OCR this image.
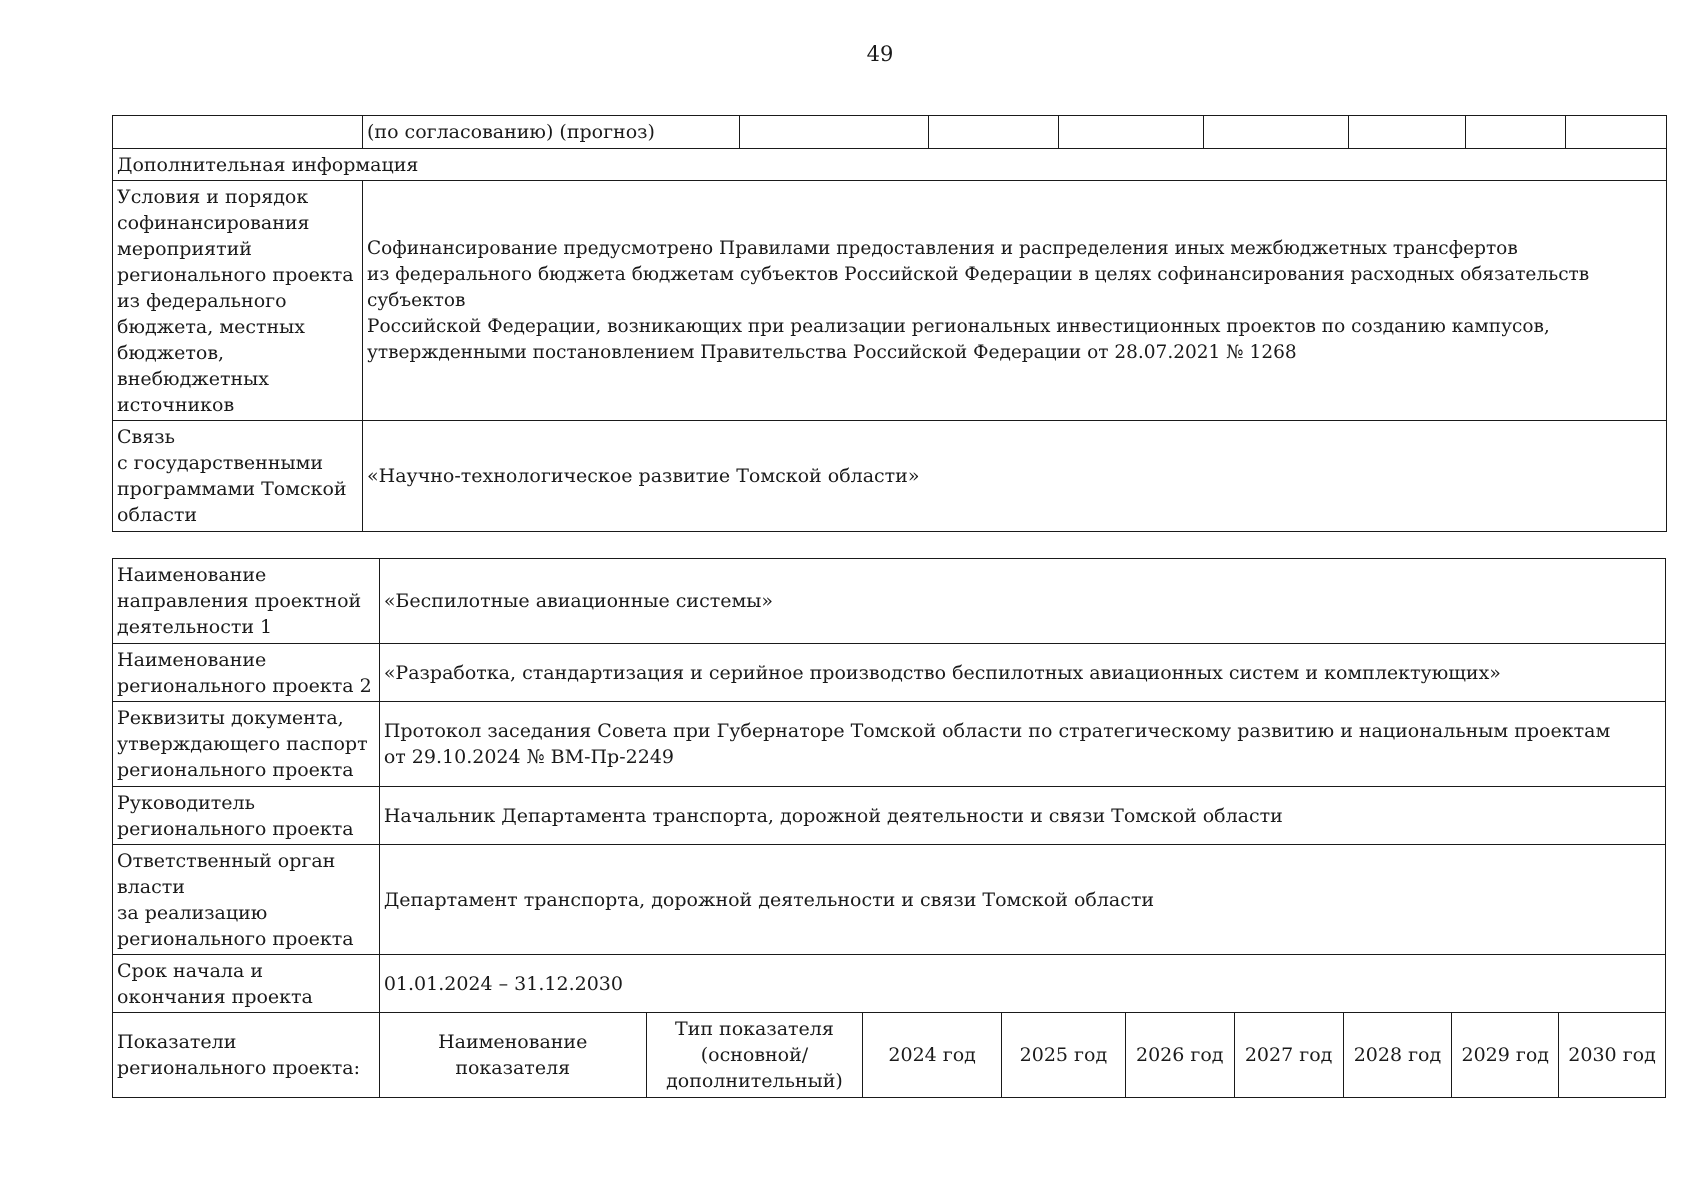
49
	(по согласованию) (прогноз)							
Дополнительная информация								
Условия и порядок софинансирования мероприятий регионального проекта из федерального бюджета, местных бюджетов, внебюджетных источников	Софинансирование предусмотрено Правилами предоставления и распределения иных межбюджетных трансфертов
из федерального бюджета бюджетам субъектов Российской Федерации в целях софинансирования расходных обязательств субъектов
Российской Федерации, возникающих при реализации региональных инвестиционных проектов по созданию кампусов,
утвержденными постановлением Правительства Российской Федерации от 28.07.2021 № 1268							
Связь
с государственными программами Томской области	«Научно-технологическое развитие Томской области»							
Наименование направления проектной деятельности 1	«Беспилотные авиационные системы»								
Наименование регионального проекта 2	«Разработка, стандартизация и серийное производство беспилотных авиационных систем и комплектующих»								
Реквизиты документа, утверждающего паспорт регионального проекта	Протокол заседания Совета при Губернаторе Томской области по стратегическому развитию и национальным проектам
от 29.10.2024 № ВМ-Пр-2249								
Руководитель регионального проекта	Начальник Департамента транспорта, дорожной деятельности и связи Томской области								
Ответственный орган власти
за реализацию регионального проекта	Департамент транспорта, дорожной деятельности и связи Томской области								
Срок начала и окончания проекта	01.01.2024 – 31.12.2030								
Показатели регионального проекта:	Наименование показателя	Тип показателя (основной/ дополнительный)	2024 год	2025 год	2026 год	2027 год	2028 год	2029 год	2030 год
